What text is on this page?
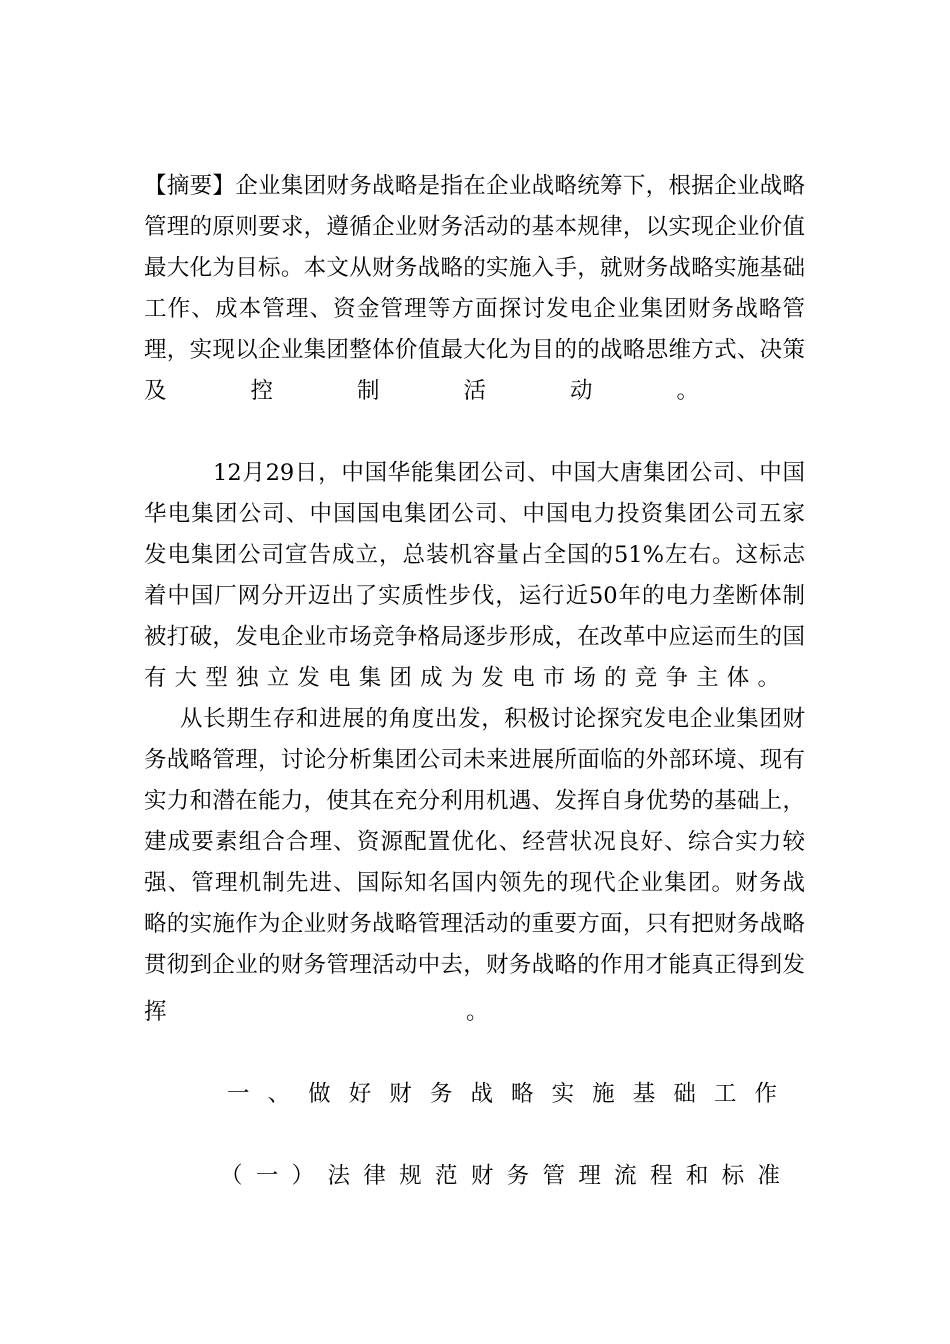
【摘要】企业集团财务战略是指在企业战略统筹下，根据企业战略
管理的原则要求，遵循企业财务活动的基本规律，以实现企业价值
最大化为目标。本文从财务战略的实施入手，就财务战略实施基础
工作、成本管理、资金管理等方面探讨发电企业集团财务战略管
理，实现以企业集团整体价值最大化为目的的战略思维方式、决策
及控制活动。
12月29日，中国华能集团公司、中国大唐集团公司、中国
华电集团公司、中国国电集团公司、中国电力投资集团公司五家
发电集团公司宣告成立，总装机容量占全国的51%左右。这标志
着中国厂网分开迈出了实质性步伐，运行近50年的电力垄断体制
被打破，发电企业市场竞争格局逐步形成，在改革中应运而生的国
有大型独立发电集团成为发电市场的竞争主体。
从长期生存和进展的角度出发，积极讨论探究发电企业集团财
务战略管理，讨论分析集团公司未来进展所面临的外部环境、现有
实力和潜在能力，使其在充分利用机遇、发挥自身优势的基础上，
建成要素组合合理、资源配置优化、经营状况良好、综合实力较
强、管理机制先进、国际知名国内领先的现代企业集团。财务战
略的实施作为企业财务战略管理活动的重要方面，只有把财务战略
贯彻到企业的财务管理活动中去，财务战略的作用才能真正得到发
挥	。
一、做好财务战略实施基础工作
（一）法律规范财务管理流程和标准
